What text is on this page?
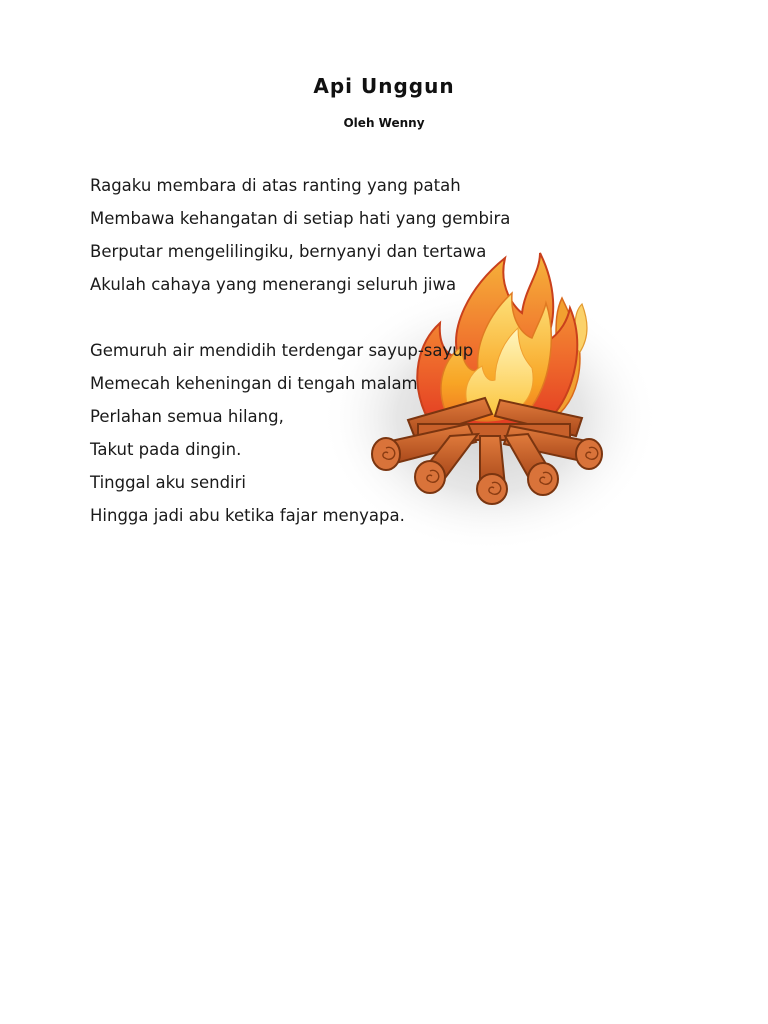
Api Unggun
Oleh Wenny
Ragaku membara di atas ranting yang patah
Membawa kehangatan di setiap hati yang gembira
Berputar mengelilingiku, bernyanyi dan tertawa
Akulah cahaya yang menerangi seluruh jiwa
Gemuruh air mendidih terdengar sayup-sayup
Memecah keheningan di tengah malam
Perlahan semua hilang,
Takut pada dingin.
Tinggal aku sendiri
Hingga jadi abu ketika fajar menyapa.
